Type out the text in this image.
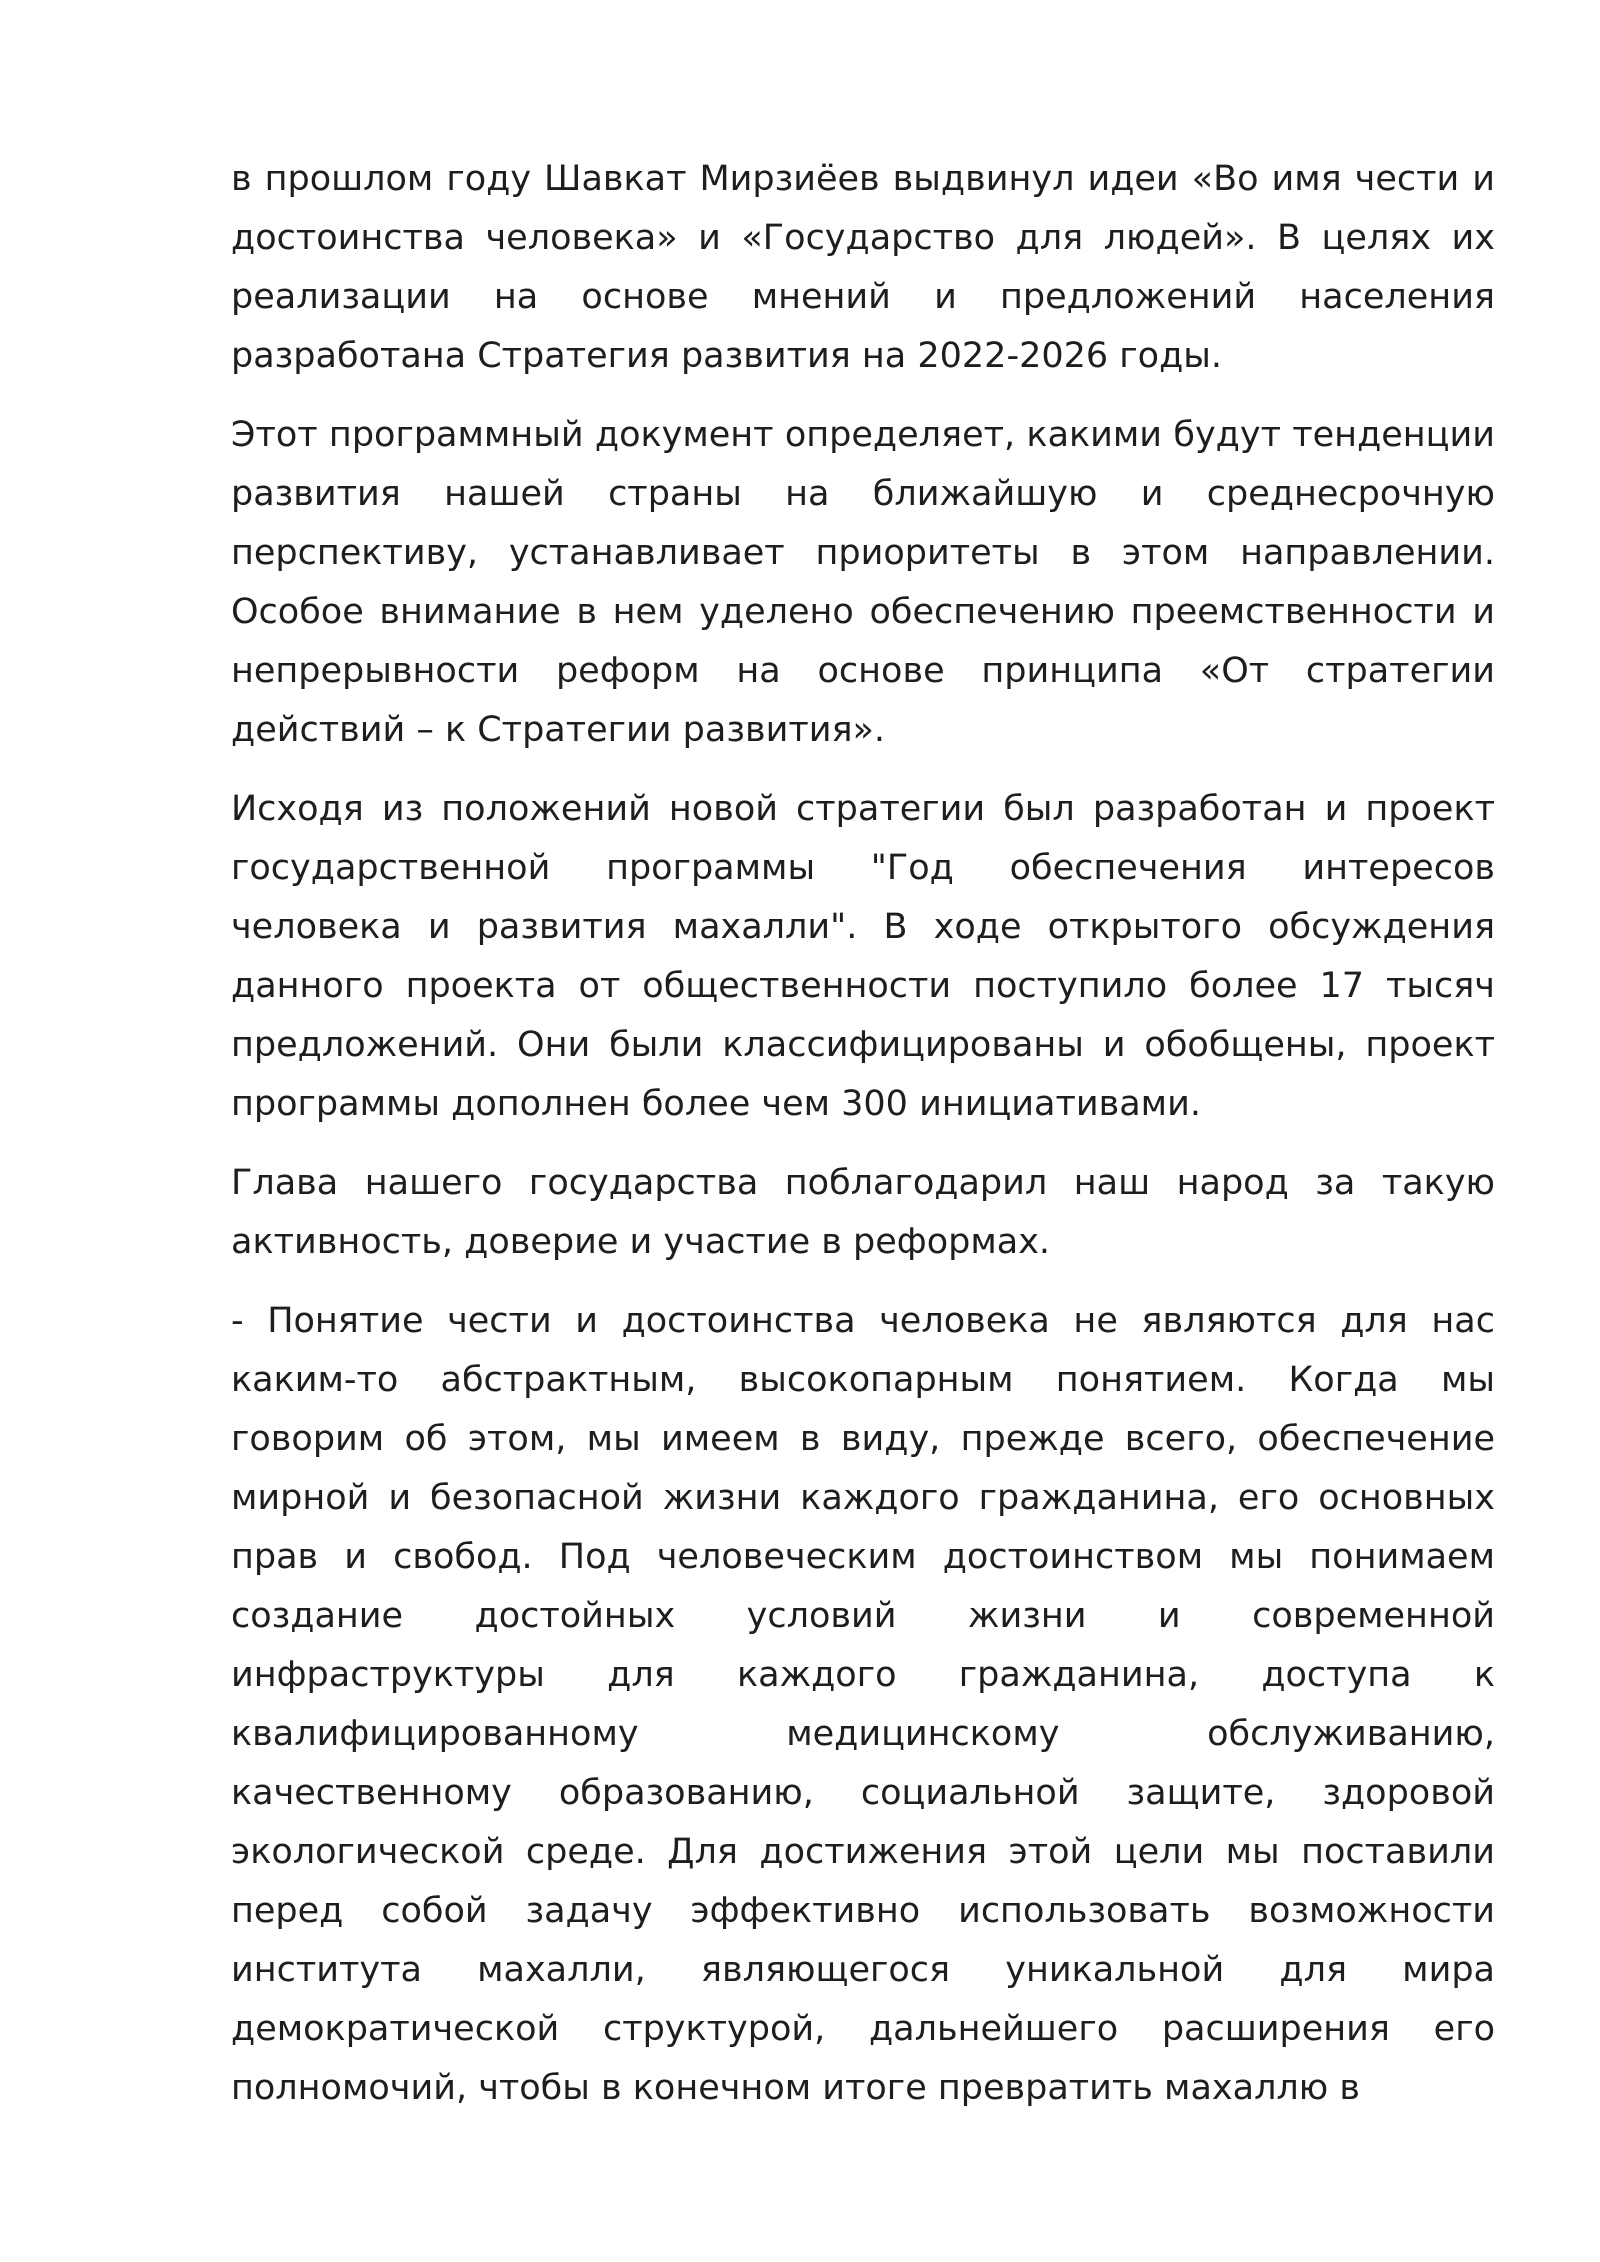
в прошлом году Шавкат Мирзиёев выдвинул идеи «Во имя чести и достоинства человека» и «Государство для людей». В целях их реализации на основе мнений и предложений населения разработана Стратегия развития на 2022-2026 годы.

Этот программный документ определяет, какими будут тенденции развития нашей страны на ближайшую и среднесрочную перспективу, устанавливает приоритеты в этом направлении. Особое внимание в нем уделено обеспечению преемственности и непрерывности реформ на основе принципа «От стратегии действий – к Стратегии развития».

Исходя из положений новой стратегии был разработан и проект государственной программы "Год обеспечения интересов человека и развития махалли". В ходе открытого обсуждения данного проекта от общественности поступило более 17 тысяч предложений. Они были классифицированы и обобщены, проект программы дополнен более чем 300 инициативами.

Глава нашего государства поблагодарил наш народ за такую активность, доверие и участие в реформах.

- Понятие чести и достоинства человека не являются для нас каким-то абстрактным, высокопарным понятием. Когда мы говорим об этом, мы имеем в виду, прежде всего, обеспечение мирной и безопасной жизни каждого гражданина, его основных прав и свобод. Под человеческим достоинством мы понимаем создание достойных условий жизни и современной инфраструктуры для каждого гражданина, доступа к квалифицированному медицинскому обслуживанию, качественному образованию, социальной защите, здоровой экологической среде. Для достижения этой цели мы поставили перед собой задачу эффективно использовать возможности института махалли, являющегося уникальной для мира демократической структурой, дальнейшего расширения его полномочий, чтобы в конечном итоге превратить махаллю в
